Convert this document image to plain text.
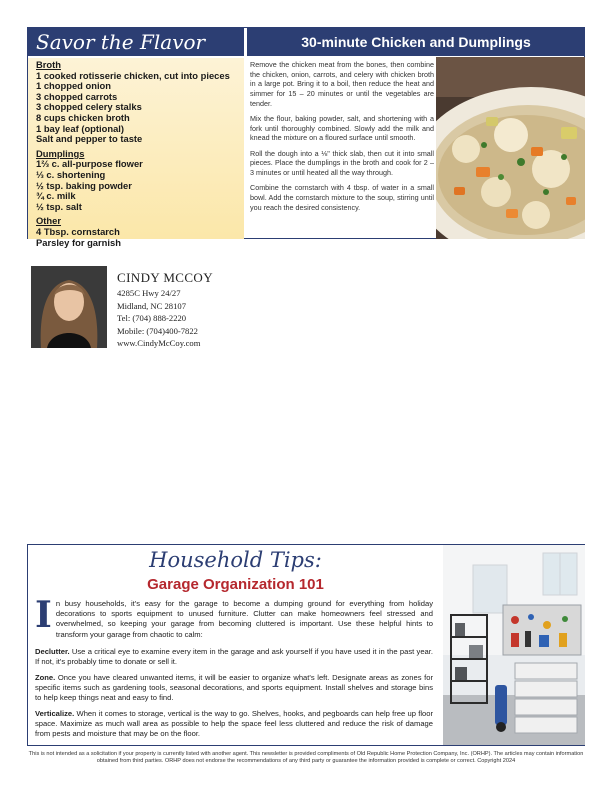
Savor the Flavor	30-minute Chicken and Dumplings
Broth
1 cooked rotisserie chicken, cut into pieces
1 chopped onion
3 chopped carrots
3 chopped celery stalks
8 cups chicken broth
1 bay leaf (optional)
Salt and pepper to taste
Dumplings
1⅔ c. all-purpose flower
⅓ c. shortening
½ tsp. baking powder
¾ c. milk
½ tsp. salt
Other
4 Tbsp. cornstarch
Parsley for garnish

Remove the chicken meat from the bones, then combine the chicken, onion, carrots, and celery with chicken broth in a large pot. Bring it to a boil, then reduce the heat and simmer for 15 – 20 minutes or until the vegetables are tender.

Mix the flour, baking powder, salt, and shortening with a fork until thoroughly combined. Slowly add the milk and knead the mixture on a floured surface until smooth.

Roll the dough into a ⅛" thick slab, then cut it into small pieces. Place the dumplings in the broth and cook for 2 – 3 minutes or until heated all the way through.

Combine the cornstarch with 4 tbsp. of water in a small bowl. Add the cornstarch mixture to the soup, stirring until you reach the desired consistency.

CINDY MCCOY
4285C Hwy 24/27
Midland, NC 28107
Tel: (704) 888-2220
Mobile: (704)400-7822
www.CindyMcCoy.com
Household Tips:
Garage Organization 101

In busy households, it's easy for the garage to become a dumping ground for everything from holiday decorations to sports equipment to unused furniture. Clutter can make homeowners feel stressed and overwhelmed, so keeping your garage from becoming cluttered is important. Use these helpful hints to transform your garage from chaotic to calm:

Declutter. Use a critical eye to examine every item in the garage and ask yourself if you have used it in the past year. If not, it's probably time to donate or sell it.

Zone. Once you have cleared unwanted items, it will be easier to organize what's left. Designate areas as zones for specific items such as gardening tools, seasonal decorations, and sports equipment. Install shelves and storage bins to help keep things neat and easy to find.

Verticalize. When it comes to storage, vertical is the way to go. Shelves, hooks, and pegboards can help free up floor space. Maximize as much wall area as possible to help the space feel less cluttered and reduce the risk of damage from pests and moisture that may be on the floor.

This is not intended as a solicitation if your property is currently listed with another agent. This newsletter is provided compliments of Old Republic Home Protection Company, Inc. (ORHP). The articles may contain information obtained from third parties. ORHP does not endorse the recommendations of any third party or guarantee the information provided is complete or correct. Copyright 2024
